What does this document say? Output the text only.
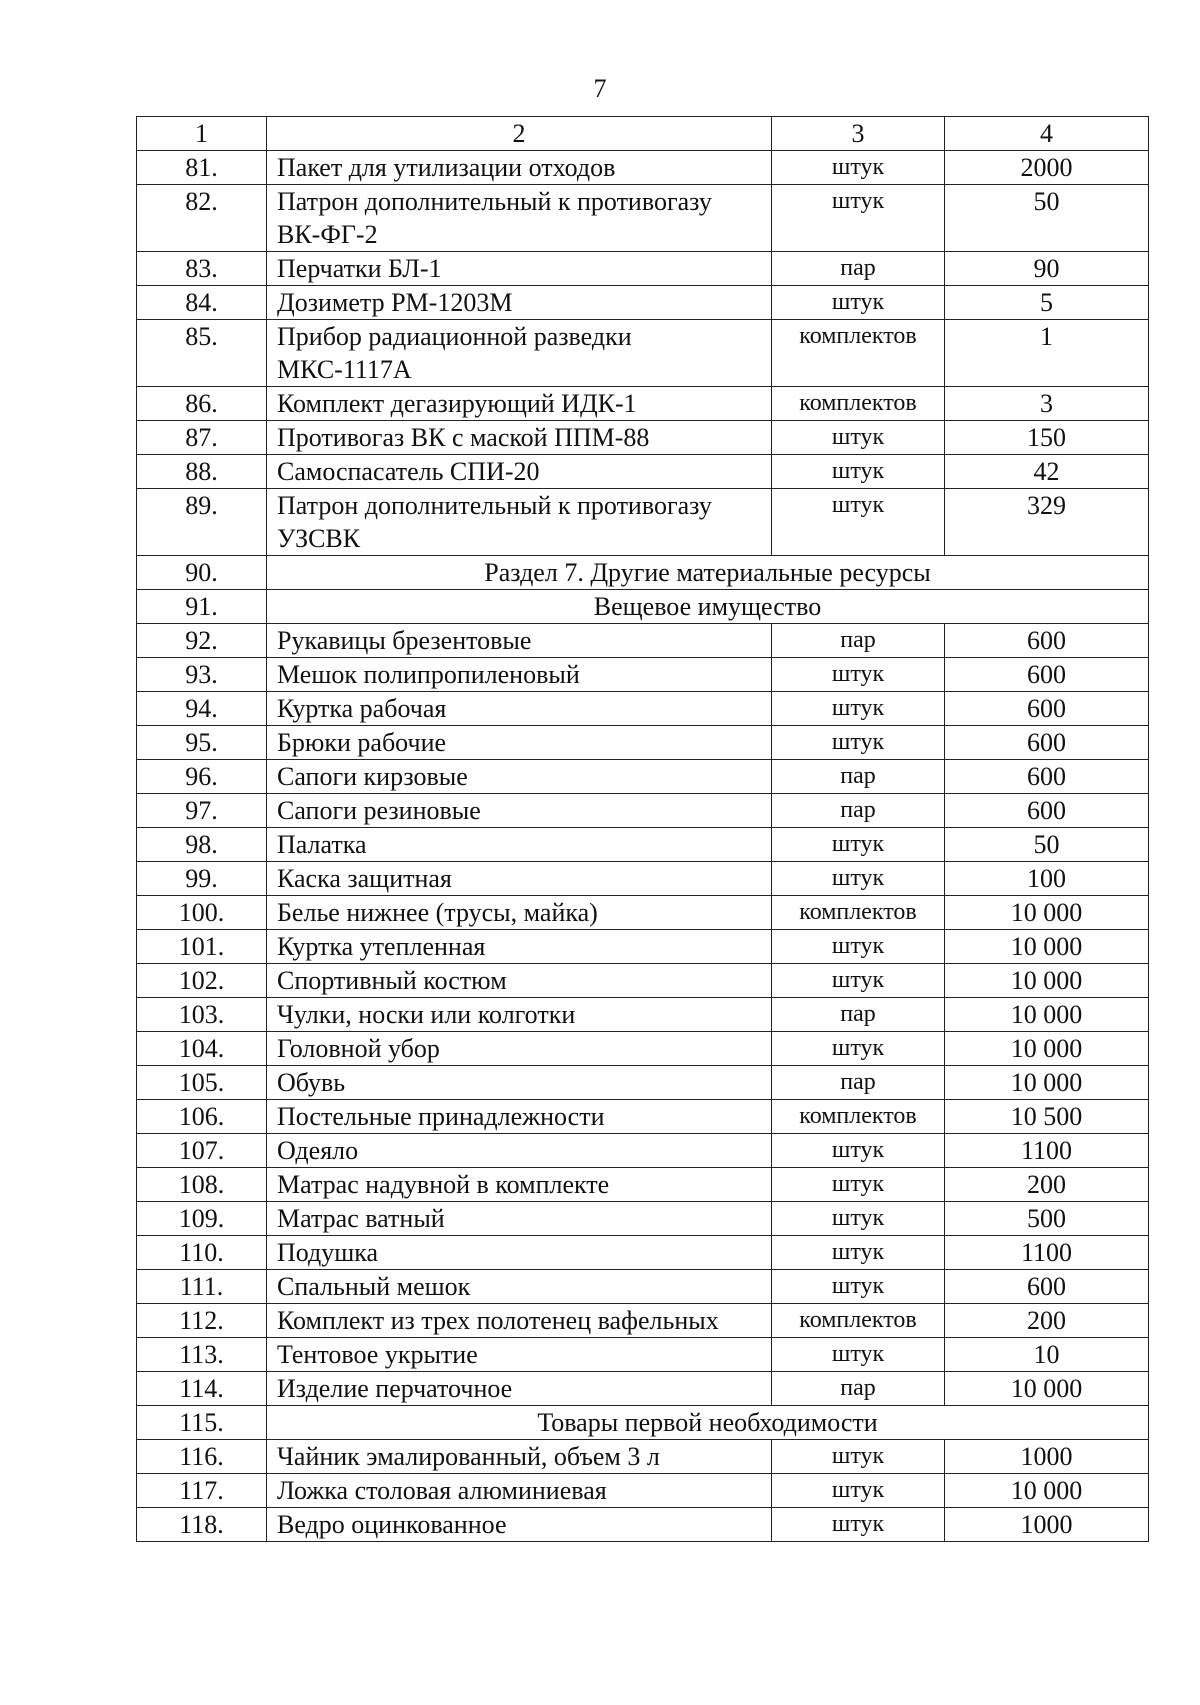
7
1	2	3	4
81.	Пакет для утилизации отходов	штук	2000
82.	Патрон дополнительный к противогазу ВК-ФГ-2	штук	50
83.	Перчатки БЛ-1	пар	90
84.	Дозиметр РМ-1203М	штук	5
85.	Прибор радиационной разведки МКС-1117А	комплектов	1
86.	Комплект дегазирующий ИДК-1	комплектов	3
87.	Противогаз ВК с маской ППМ-88	штук	150
88.	Самоспасатель СПИ-20	штук	42
89.	Патрон дополнительный к противогазу УЗСВК	штук	329
90.	Раздел 7. Другие материальные ресурсы		
91.	Вещевое имущество		
92.	Рукавицы брезентовые	пар	600
93.	Мешок полипропиленовый	штук	600
94.	Куртка рабочая	штук	600
95.	Брюки рабочие	штук	600
96.	Сапоги кирзовые	пар	600
97.	Сапоги резиновые	пар	600
98.	Палатка	штук	50
99.	Каска защитная	штук	100
100.	Белье нижнее (трусы, майка)	комплектов	10 000
101.	Куртка утепленная	штук	10 000
102.	Спортивный костюм	штук	10 000
103.	Чулки, носки или колготки	пар	10 000
104.	Головной убор	штук	10 000
105.	Обувь	пар	10 000
106.	Постельные принадлежности	комплектов	10 500
107.	Одеяло	штук	1100
108.	Матрас надувной в комплекте	штук	200
109.	Матрас ватный	штук	500
110.	Подушка	штук	1100
111.	Спальный мешок	штук	600
112.	Комплект из трех полотенец вафельных	комплектов	200
113.	Тентовое укрытие	штук	10
114.	Изделие перчаточное	пар	10 000
115.	Товары первой необходимости		
116.	Чайник эмалированный, объем 3 л	штук	1000
117.	Ложка столовая алюминиевая	штук	10 000
118.	Ведро оцинкованное	штук	1000
